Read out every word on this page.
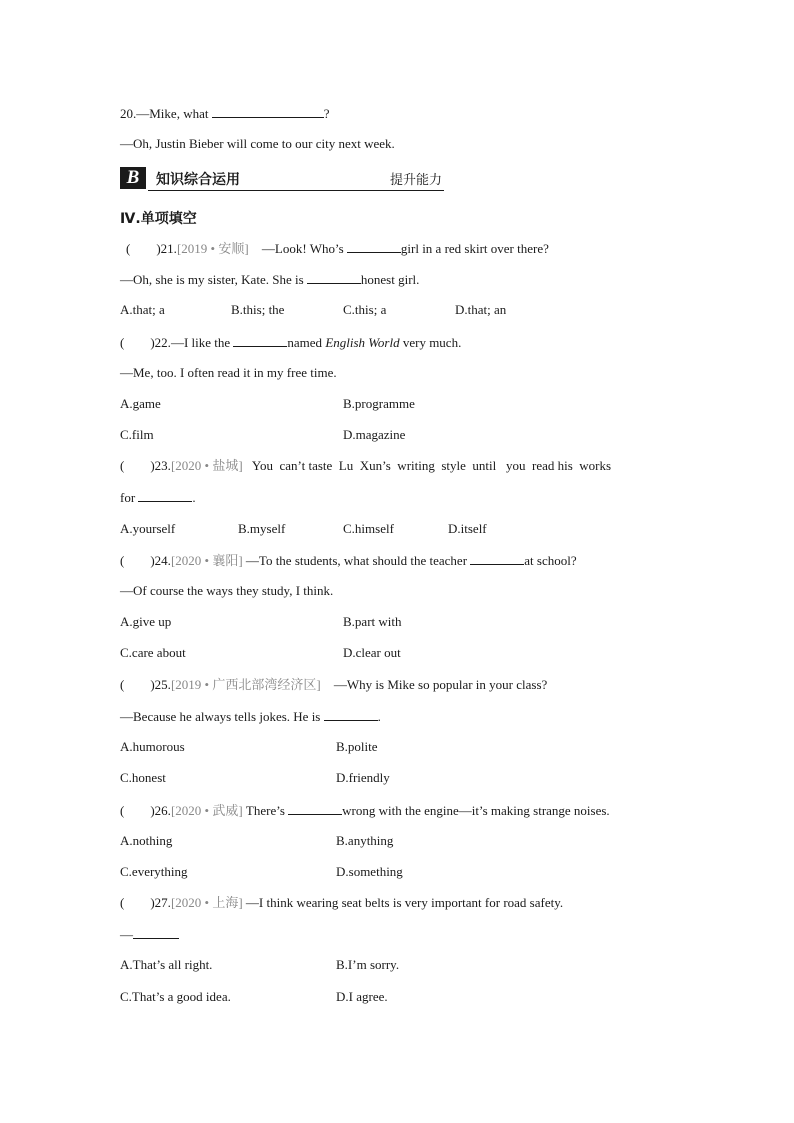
20.—Mike, what	?
—Oh, Justin Bieber will come to our city next week.
B	知识综合运用	提升能力
Ⅳ.单项填空
( )21.[2019 • 安顺] —Look! Who’s	girl in a red skirt over there?
—Oh, she is my sister, Kate. She is	honest girl.
A.that; a	B.this; the	C.this; a	D.that; an
( )22.—I like the	named English World very much.
—Me, too. I often read it in my free time.
A.game	B.programme
C.film	D.magazine
( )23.[2020 • 盐城] You  can’t taste  Lu  Xun’s  writing  style  until   you  read his  works
for	.
A.yourself	B.myself	C.himself	D.itself
( )24.[2020 • 襄阳] —To the students, what should the teacher	at school?
—Of course the ways they study, I think.
A.give up	B.part with
C.care about	D.clear out
( )25.[2019 • 广西北部湾经济区] —Why is Mike so popular in your class?
—Because he always tells jokes. He is	.
A.humorous	B.polite
C.honest	D.friendly
( )26.[2020 • 武威] There’s	wrong with the engine—it’s making strange noises.
A.nothing	B.anything
C.everything	D.something
( )27.[2020 • 上海] —I think wearing seat belts is very important for road safety.
—
A.That’s all right.	B.I’m sorry.
C.That’s a good idea.	D.I agree.
